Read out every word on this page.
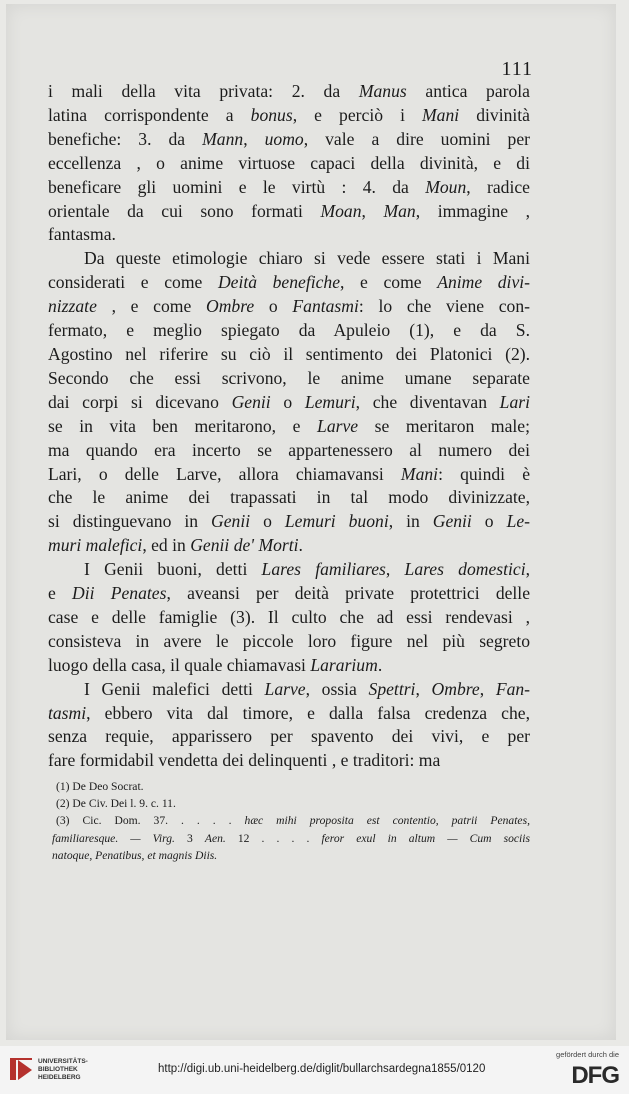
111
i mali della vita privata: 2. da Manus antica parola
latina corrispondente a bonus, e perciò i Mani divinità
benefiche: 3. da Mann, uomo, vale a dire uomini per
eccellenza , o anime virtuose capaci della divinità, e di
beneficare gli uomini e le virtù : 4. da Moun, radice
orientale da cui sono formati Moan, Man, immagine ,
fantasma.
Da queste etimologie chiaro si vede essere stati i Mani
considerati e come Deità benefiche, e come Anime divi-
nizzate , e come Ombre o Fantasmi: lo che viene con-
fermato, e meglio spiegato da Apuleio (1), e da S.
Agostino nel riferire su ciò il sentimento dei Platonici (2).
Secondo che essi scrivono, le anime umane separate
dai corpi si dicevano Genii o Lemuri, che diventavan Lari
se in vita ben meritarono, e Larve se meritaron male;
ma quando era incerto se appartenessero al numero dei
Lari, o delle Larve, allora chiamavansi Mani: quindi è
che le anime dei trapassati in tal modo divinizzate,
si distinguevano in Genii o Lemuri buoni, in Genii o Le-
muri malefici, ed in Genii de' Morti.
I Genii buoni, detti Lares familiares, Lares domestici,
e Dii Penates, aveansi per deità private protettrici delle
case e delle famiglie (3). Il culto che ad essi rendevasi ,
consisteva in avere le piccole loro figure nel più segreto
luogo della casa, il quale chiamavasi Lararium.
I Genii malefici detti Larve, ossia Spettri, Ombre, Fan-
tasmi, ebbero vita dal timore, e dalla falsa credenza che,
senza requie, apparissero per spavento dei vivi, e per
fare formidabil vendetta dei delinquenti , e traditori: ma
(1) De Deo Socrat.
(2) De Civ. Dei l. 9. c. 11.
(3) Cic. Dom. 37. . . . . hæc mihi proposita est contentio, patrii Penates,
familiaresque. — Virg. 3 Aen. 12 . . . . feror exul in altum — Cum sociis
natoque, Penatibus, et magnis Diis.
UNIVERSITÄTS-
BIBLIOTHEK
HEIDELBERG
http://digi.ub.uni-heidelberg.de/diglit/bullarchsardegna1855/0120
gefördert durch die
DFG
